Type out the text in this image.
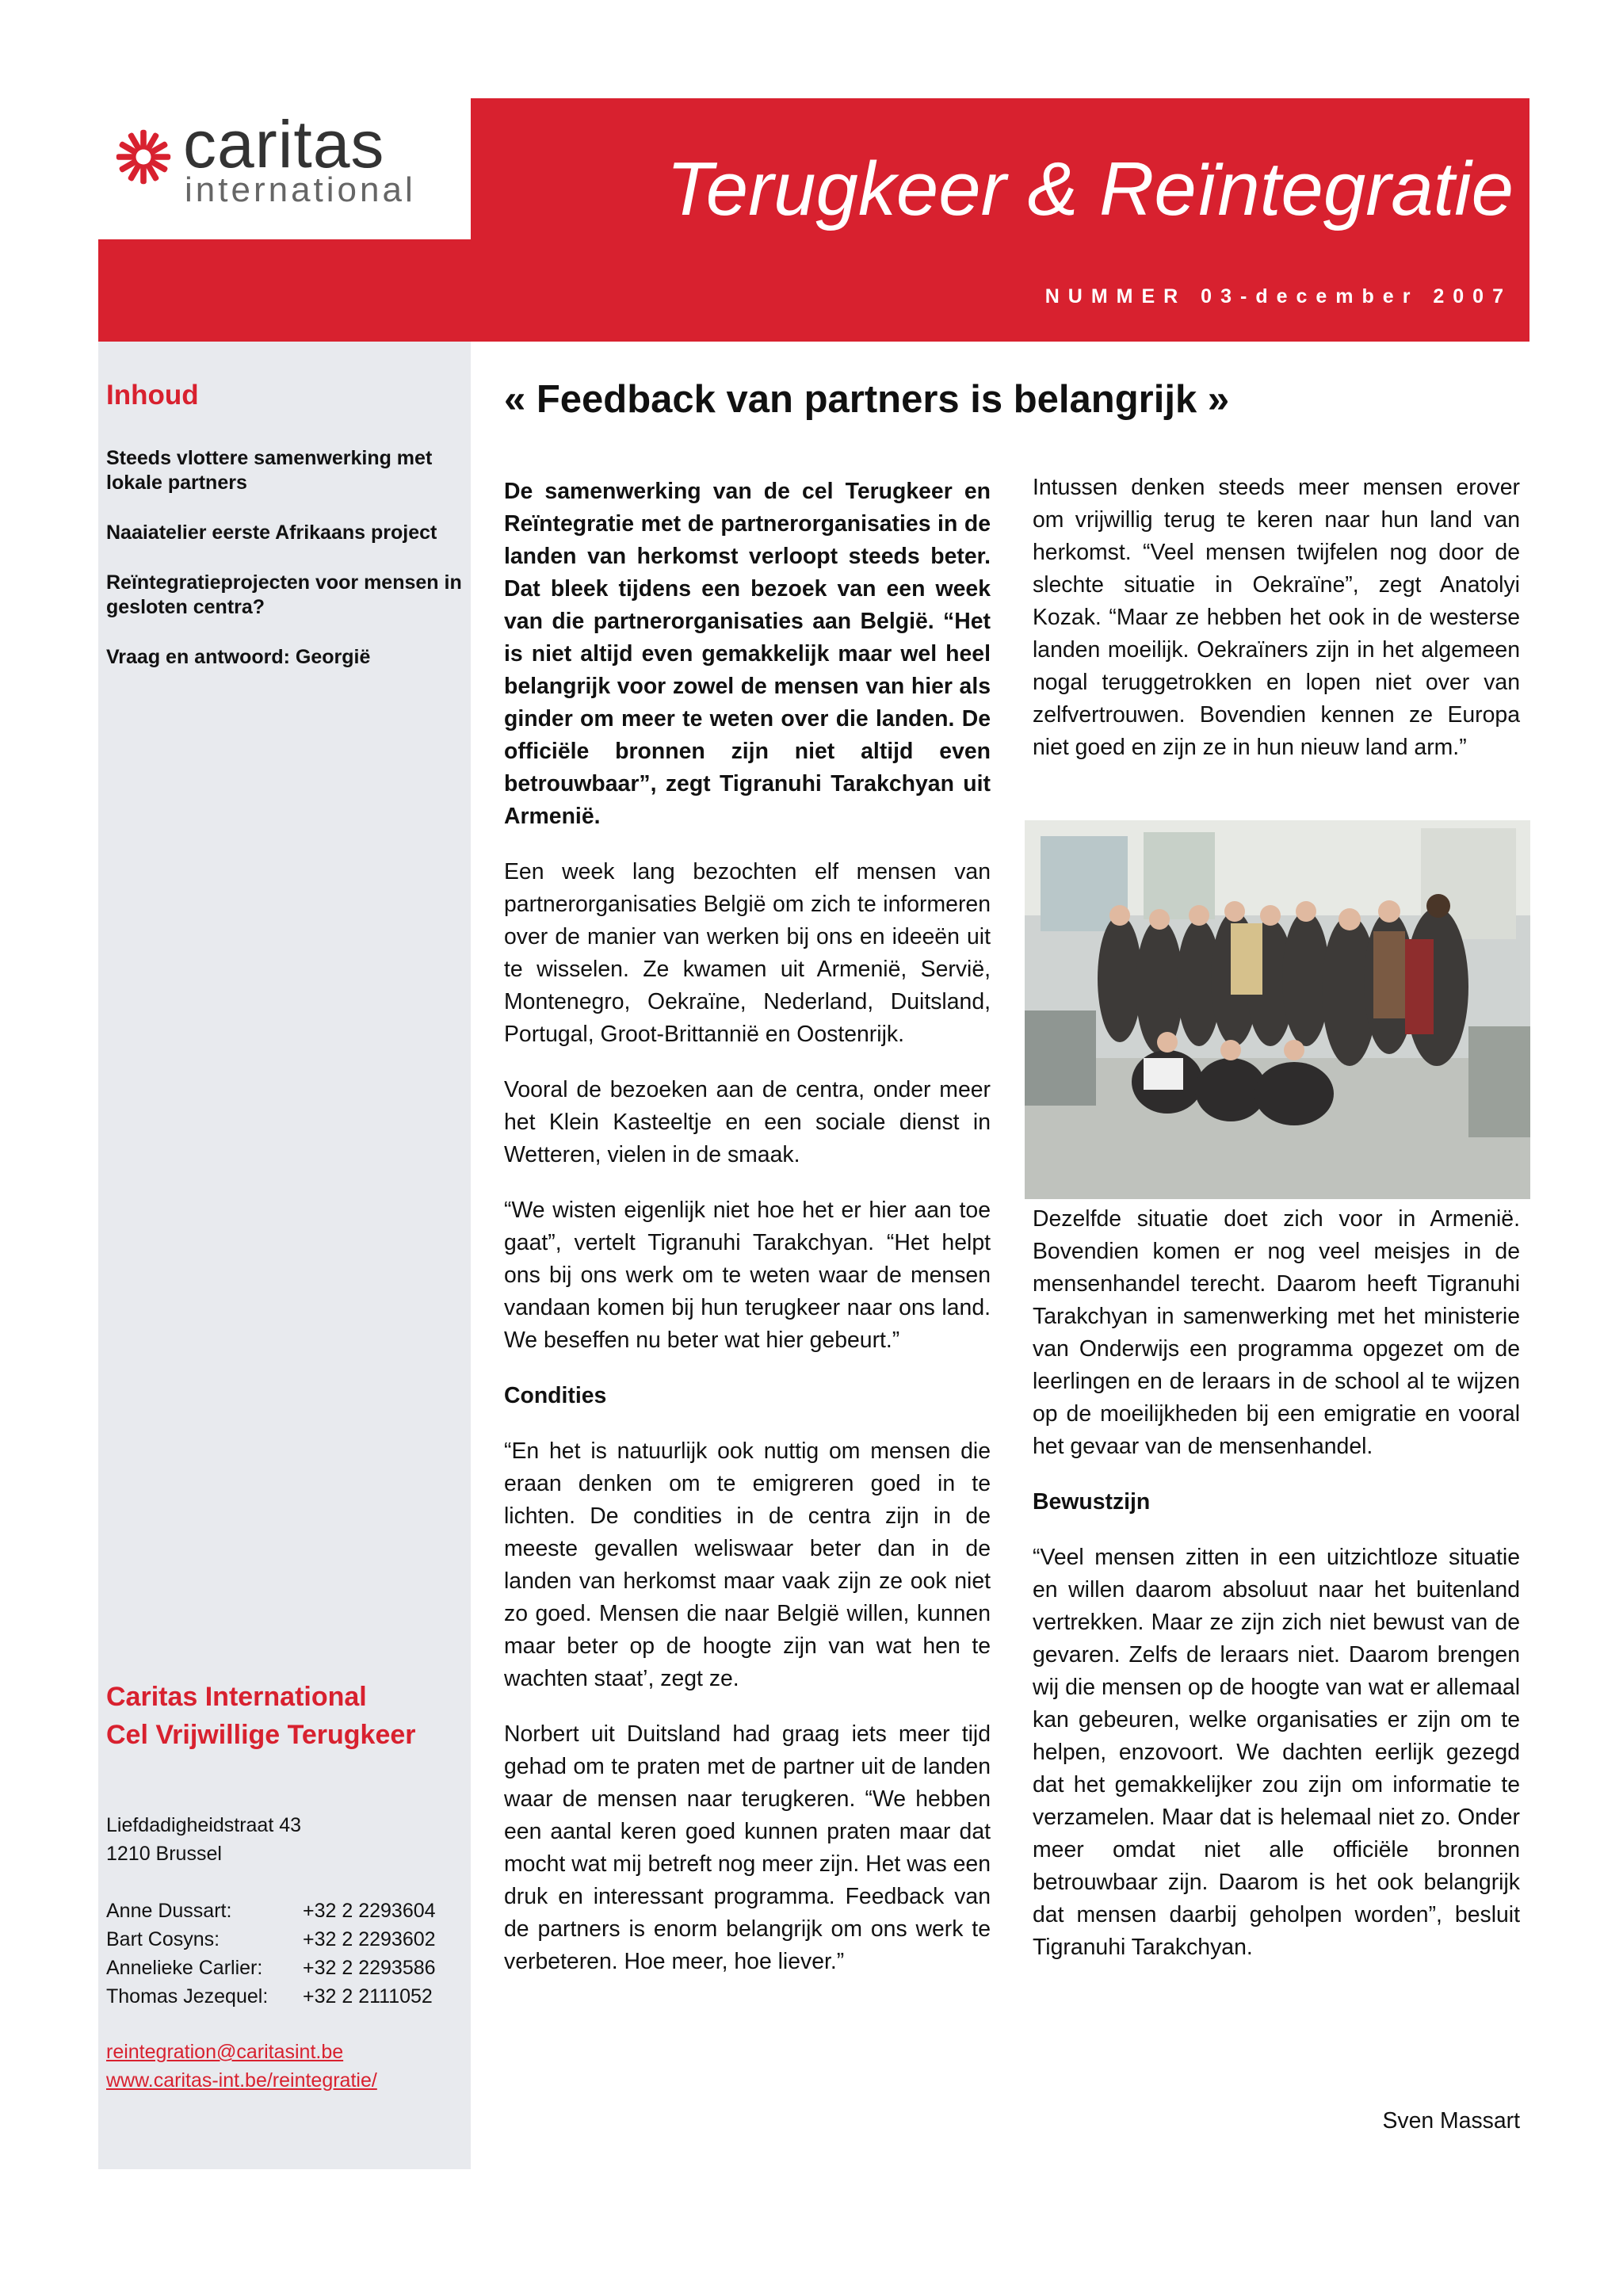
caritas
international	Terugkeer & Reïntegratie
NUMMER 03-december 2007
Inhoud
Steeds vlottere samenwerking met lokale partners
Naaiatelier eerste Afrikaans project
Reïntegratieprojecten voor mensen in gesloten centra?
Vraag en antwoord: Georgië
Caritas International
Cel Vrijwillige Terugkeer
Liefdadigheidstraat 43
1210 Brussel
Anne Dussart:	+32 2 2293604
Bart Cosyns:	+32 2 2293602
Annelieke Carlier:	+32 2 2293586
Thomas Jezequel:	+32 2 2111052
reintegration@caritasint.be
www.caritas-int.be/reintegratie/
« Feedback van partners is belangrijk »

De samenwerking van de cel Terugkeer en Reïntegratie met de partnerorganisaties in de landen van herkomst verloopt steeds beter. Dat bleek tijdens een bezoek van een week van die partnerorganisaties aan België. “Het is niet altijd even gemakkelijk maar wel heel belangrijk voor zowel de mensen van hier als ginder om meer te weten over die landen. De officiële bronnen zijn niet altijd even betrouwbaar”, zegt Tigranuhi Tarakchyan uit Armenië.

Een week lang bezochten elf mensen van partnerorganisaties België om zich te informeren over de manier van werken bij ons en ideeën uit te wisselen. Ze kwamen uit Armenië, Servië, Montenegro, Oekraïne, Nederland, Duitsland, Portugal, Groot-Brittannië en Oostenrijk.

Vooral de bezoeken aan de centra, onder meer het Klein Kasteeltje en een sociale dienst in Wetteren, vielen in de smaak.

“We wisten eigenlijk niet hoe het er hier aan toe gaat”, vertelt Tigranuhi Tarakchyan. “Het helpt ons bij ons werk om te weten waar de mensen vandaan komen bij hun terugkeer naar ons land. We beseffen nu beter wat hier gebeurt.”

Condities

“En het is natuurlijk ook nuttig om mensen die eraan denken om te emigreren goed in te lichten. De condities in de centra zijn in de meeste gevallen weliswaar beter dan in de landen van herkomst maar vaak zijn ze ook niet zo goed. Mensen die naar België willen, kunnen maar beter op de hoogte zijn van wat hen te wachten staat’, zegt ze.

Norbert uit Duitsland had graag iets meer tijd gehad om te praten met de partner uit de landen waar de mensen naar terugkeren. “We hebben een aantal keren goed kunnen praten maar dat mocht wat mij betreft nog meer zijn. Het was een druk en interessant programma. Feedback van de partners is enorm belangrijk om ons werk te verbeteren. Hoe meer, hoe liever.”

Intussen denken steeds meer mensen erover om vrijwillig terug te keren naar hun land van herkomst. “Veel mensen twijfelen nog door de slechte situatie in Oekraïne”, zegt Anatolyi Kozak. “Maar ze hebben het ook in de westerse landen moeilijk. Oekraïners zijn in het algemeen nogal teruggetrokken en lopen niet over van zelfvertrouwen. Bovendien kennen ze Europa niet goed en zijn ze in hun nieuw land arm.”

Dezelfde situatie doet zich voor in Armenië. Bovendien komen er nog veel meisjes in de mensenhandel terecht. Daarom heeft Tigranuhi Tarakchyan in samenwerking met het ministerie van Onderwijs een programma opgezet om de leerlingen en de leraars in de school al te wijzen op de moeilijkheden bij een emigratie en vooral het gevaar van de mensenhandel.

Bewustzijn

“Veel mensen zitten in een uitzichtloze situatie en willen daarom absoluut naar het buitenland vertrekken. Maar ze zijn zich niet bewust van de gevaren. Zelfs de leraars niet. Daarom brengen wij die mensen op de hoogte van wat er allemaal kan gebeuren, welke organisaties er zijn om te helpen, enzovoort. We dachten eerlijk gezegd dat het gemakkelijker zou zijn om informatie te verzamelen. Maar dat is helemaal niet zo. Onder meer omdat niet alle officiële bronnen betrouwbaar zijn. Daarom is het ook belangrijk dat mensen daarbij geholpen worden”, besluit Tigranuhi Tarakchyan.

Sven Massart
